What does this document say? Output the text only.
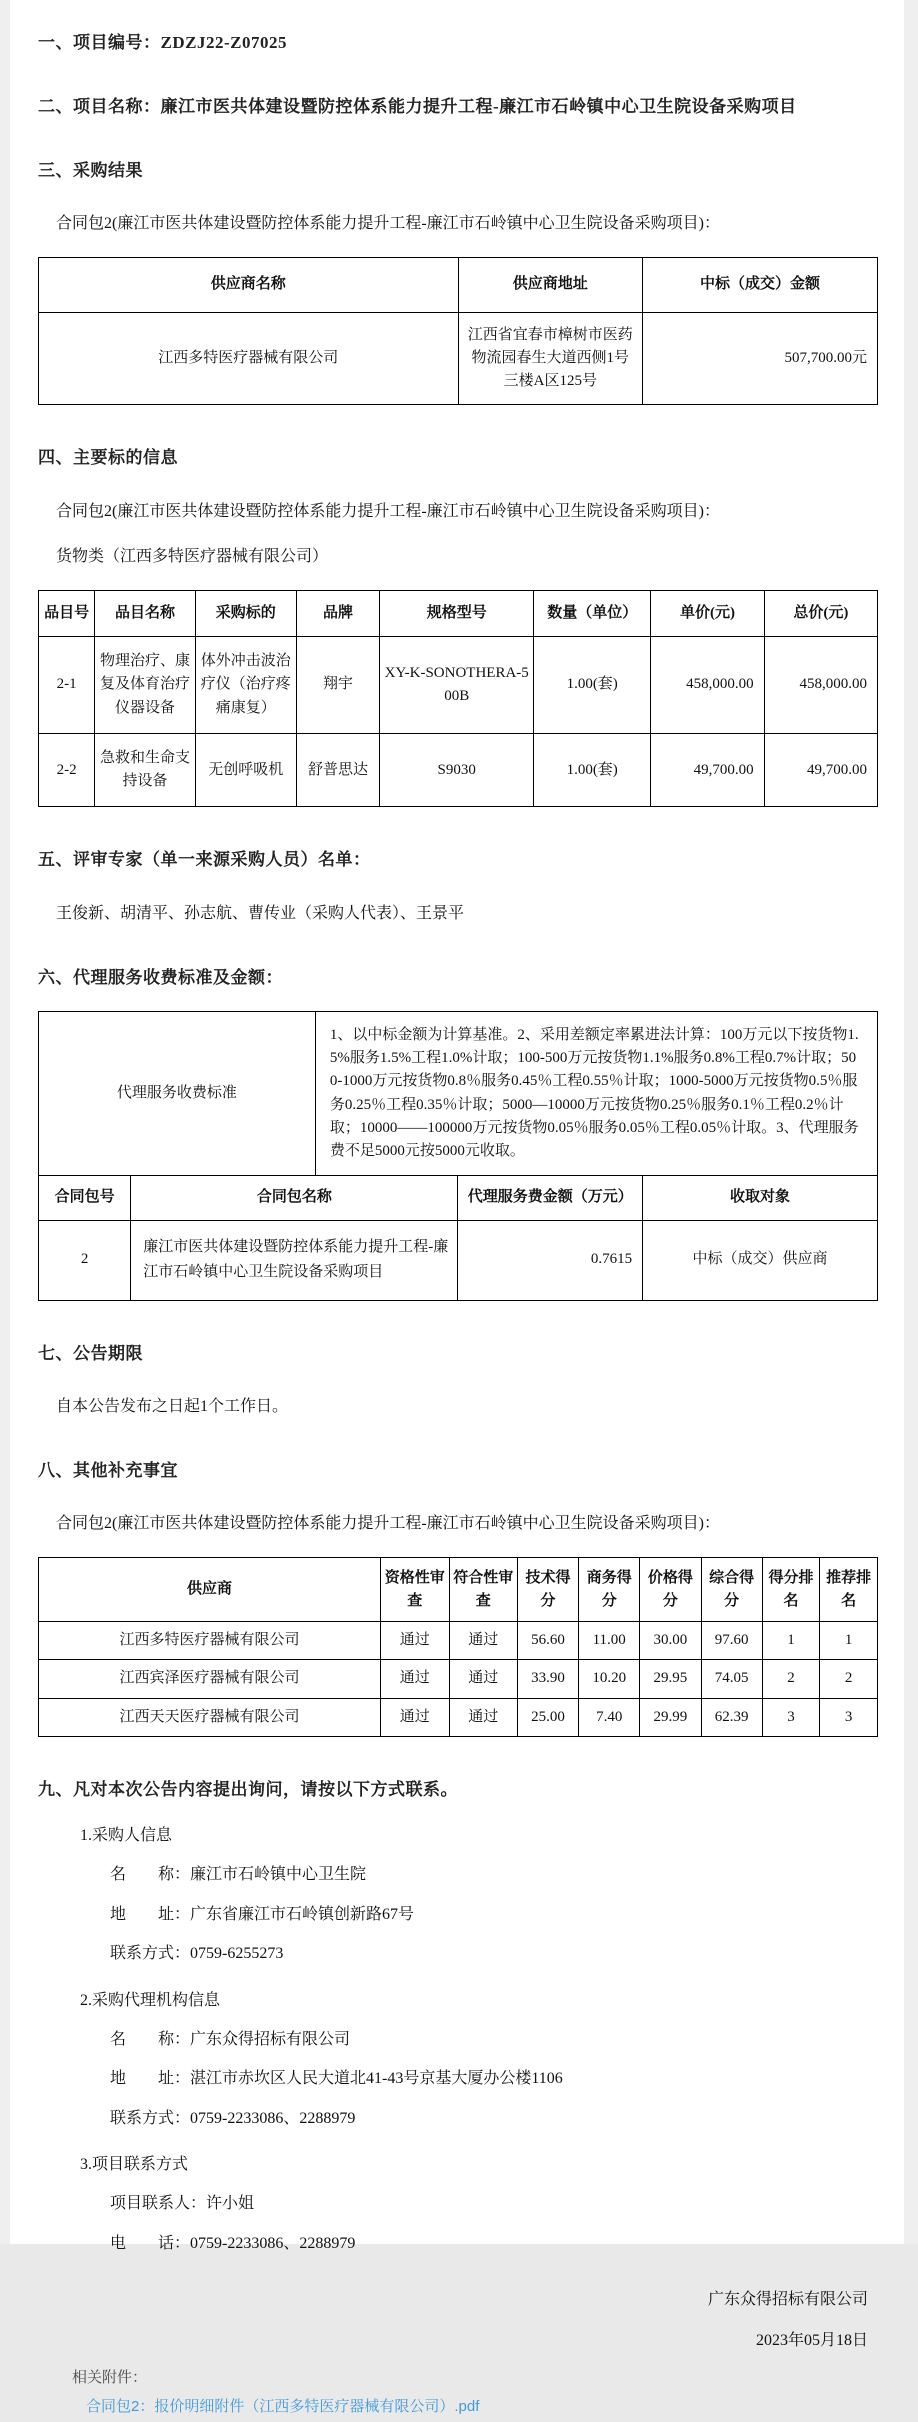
一、项目编号：ZDZJ22-Z07025
二、项目名称：廉江市医共体建设暨防控体系能力提升工程-廉江市石岭镇中心卫生院设备采购项目
三、采购结果
合同包2(廉江市医共体建设暨防控体系能力提升工程-廉江市石岭镇中心卫生院设备采购项目)：
供应商名称	供应商地址	中标（成交）金额
江西多特医疗器械有限公司	江西省宜春市樟树市医药物流园春生大道西侧1号三楼A区125号	507,700.00元
四、主要标的信息
合同包2(廉江市医共体建设暨防控体系能力提升工程-廉江市石岭镇中心卫生院设备采购项目)：
货物类（江西多特医疗器械有限公司）
品目号	品目名称	采购标的	品牌	规格型号	数量（单位）	单价(元)	总价(元)
2-1	物理治疗、康复及体育治疗仪器设备	体外冲击波治疗仪（治疗疼痛康复）	翔宇	XY-K-SONOTHERA-500B	1.00(套)	458,000.00	458,000.00
2-2	急救和生命支持设备	无创呼吸机	舒普思达	S9030	1.00(套)	49,700.00	49,700.00
五、评审专家（单一来源采购人员）名单：
王俊新、胡清平、孙志航、曹传业（采购人代表）、王景平
六、代理服务收费标准及金额：
代理服务收费标准	1、以中标金额为计算基准。2、采用差额定率累进法计算：100万元以下按货物1.5%服务1.5%工程1.0%计取；100-500万元按货物1.1%服务0.8%工程0.7%计取；500-1000万元按货物0.8％服务0.45％工程0.55％计取；1000-5000万元按货物0.5％服务0.25％工程0.35％计取；5000—10000万元按货物0.25％服务0.1％工程0.2％计取；10000——100000万元按货物0.05％服务0.05％工程0.05％计取。3、代理服务费不足5000元按5000元收取。
合同包号	合同包名称	代理服务费金额（万元）	收取对象
2	廉江市医共体建设暨防控体系能力提升工程-廉江市石岭镇中心卫生院设备采购项目	0.7615	中标（成交）供应商
七、公告期限
自本公告发布之日起1个工作日。
八、其他补充事宜
合同包2(廉江市医共体建设暨防控体系能力提升工程-廉江市石岭镇中心卫生院设备采购项目)：
供应商	资格性审查	符合性审查	技术得分	商务得分	价格得分	综合得分	得分排名	推荐排名
江西多特医疗器械有限公司	通过	通过	56.60	11.00	30.00	97.60	1	1
江西宾泽医疗器械有限公司	通过	通过	33.90	10.20	29.95	74.05	2	2
江西天天医疗器械有限公司	通过	通过	25.00	7.40	29.99	62.39	3	3
九、凡对本次公告内容提出询问，请按以下方式联系。
1.采购人信息
名　　称：廉江市石岭镇中心卫生院
地　　址：广东省廉江市石岭镇创新路67号
联系方式：0759-6255273
2.采购代理机构信息
名　　称：广东众得招标有限公司
地　　址：湛江市赤坎区人民大道北41-43号京基大厦办公楼1106
联系方式：0759-2233086、2288979
3.项目联系方式
项目联系人：许小姐
电　　话：0759-2233086、2288979
广东众得招标有限公司
2023年05月18日
相关附件：
合同包2：报价明细附件（江西多特医疗器械有限公司）.pdf
